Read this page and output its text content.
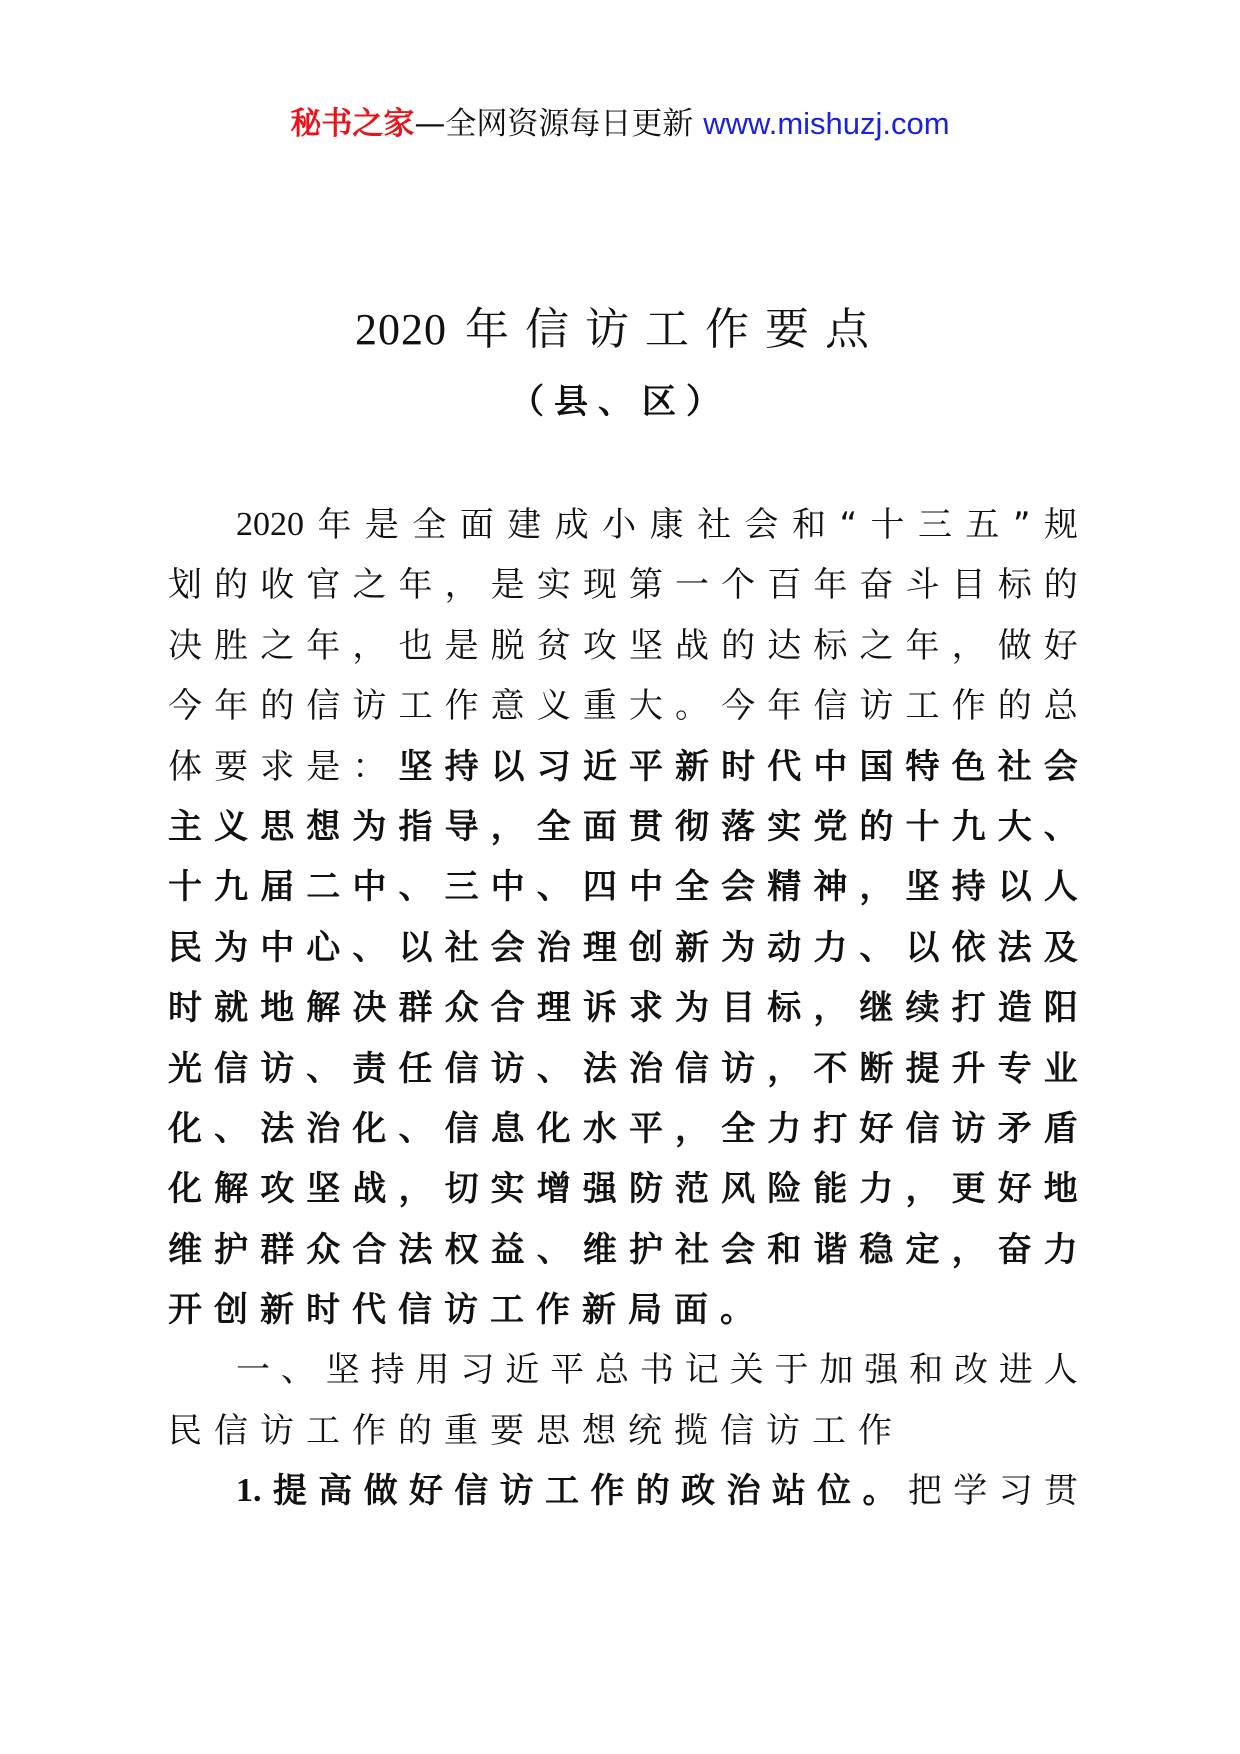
秘书之家—全网资源每日更新 www.mishuzj.com
2020 年信访工作要点
（县、区）
2020 年 是 全 面 建 成 小 康 社 会 和 “ 十 三 五 ” 规
划 的 收 官 之 年 ， 是 实 现 第 一 个 百 年 奋 斗 目 标 的
决 胜 之 年 ， 也 是 脱 贫 攻 坚 战 的 达 标 之 年 ， 做 好
今 年 的 信 访 工 作 意 义 重 大 。 今 年 信 访 工 作 的 总
体 要 求 是 ： 坚 持 以 习 近 平 新 时 代 中 国 特 色 社 会
主 义 思 想 为 指 导 ， 全 面 贯 彻 落 实 党 的 十 九 大 、
十 九 届 二 中 、 三 中 、 四 中 全 会 精 神 ， 坚 持 以 人
民 为 中 心 、 以 社 会 治 理 创 新 为 动 力 、 以 依 法 及
时 就 地 解 决 群 众 合 理 诉 求 为 目 标 ， 继 续 打 造 阳
光 信 访 、 责 任 信 访 、 法 治 信 访 ， 不 断 提 升 专 业
化 、 法 治 化 、 信 息 化 水 平 ， 全 力 打 好 信 访 矛 盾
化 解 攻 坚 战 ， 切 实 增 强 防 范 风 险 能 力 ， 更 好 地
维 护 群 众 合 法 权 益 、 维 护 社 会 和 谐 稳 定 ， 奋 力
开 创 新 时 代 信 访 工 作 新 局 面 。
一 、 坚 持 用 习 近 平 总 书 记 关 于 加 强 和 改 进 人
民 信 访 工 作 的 重 要 思 想 统 揽 信 访 工 作
1. 提 高 做 好 信 访 工 作 的 政 治 站 位 。 把 学 习 贯
